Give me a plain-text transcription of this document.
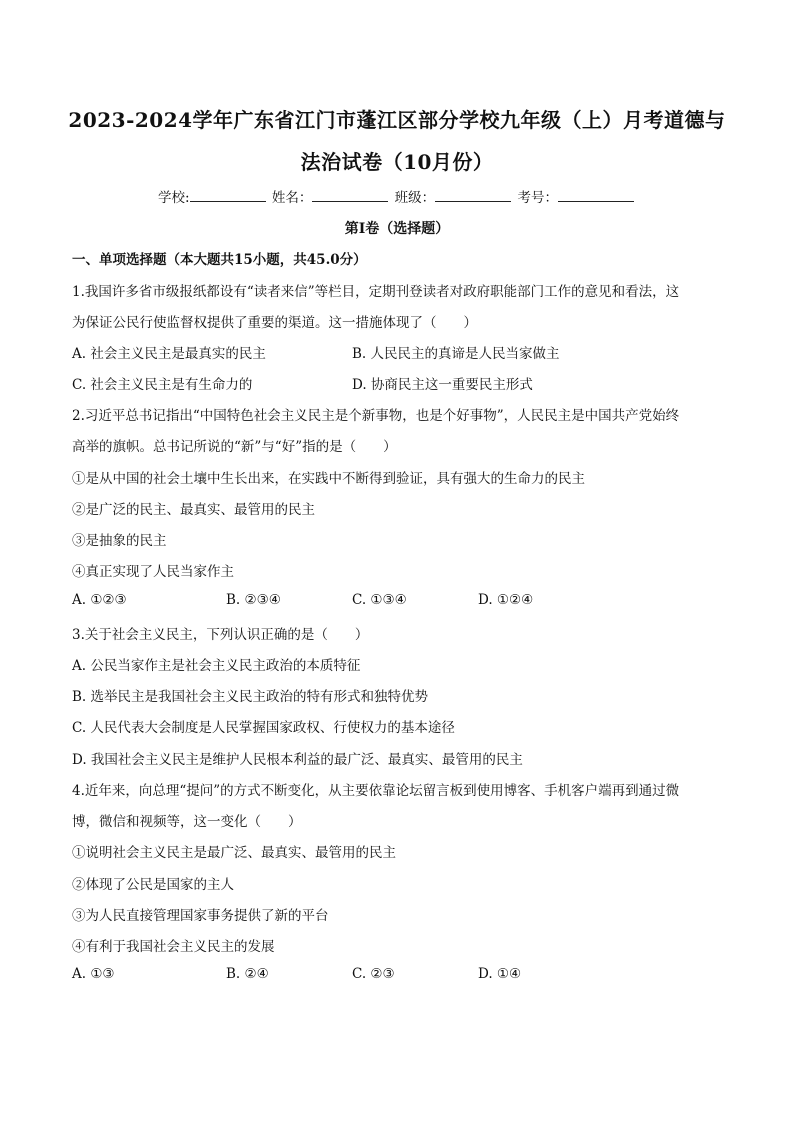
2023-2024学年广东省江门市蓬江区部分学校九年级（上）月考道德与
法治试卷（10月份）
学校:	姓名：	班级：	考号：
第I卷（选择题）
一、单项选择题（本大题共15小题，共45.0分）
1.我国许多省市级报纸都设有“读者来信”等栏目，定期刊登读者对政府职能部门工作的意见和看法，这
为保证公民行使监督权提供了重要的渠道。这一措施体现了（　　）
A. 社会主义民主是最真实的民主	B. 人民民主的真谛是人民当家做主
C. 社会主义民主是有生命力的	D. 协商民主这一重要民主形式
2.习近平总书记指出“中国特色社会主义民主是个新事物，也是个好事物”，人民民主是中国共产党始终
高举的旗帜。总书记所说的“新”与“好”指的是（　　）
①是从中国的社会土壤中生长出来，在实践中不断得到验证，具有强大的生命力的民主
②是广泛的民主、最真实、最管用的民主
③是抽象的民主
④真正实现了人民当家作主
A. ①②③	B. ②③④	C. ①③④	D. ①②④
3.关于社会主义民主，下列认识正确的是（　　）
A. 公民当家作主是社会主义民主政治的本质特征
B. 选举民主是我国社会主义民主政治的特有形式和独特优势
C. 人民代表大会制度是人民掌握国家政权、行使权力的基本途径
D. 我国社会主义民主是维护人民根本利益的最广泛、最真实、最管用的民主
4.近年来，向总理“提问”的方式不断变化，从主要依靠论坛留言板到使用博客、手机客户端再到通过微
博，微信和视频等，这一变化（　　）
①说明社会主义民主是最广泛、最真实、最管用的民主
②体现了公民是国家的主人
③为人民直接管理国家事务提供了新的平台
④有利于我国社会主义民主的发展
A. ①③	B. ②④	C. ②③	D. ①④
